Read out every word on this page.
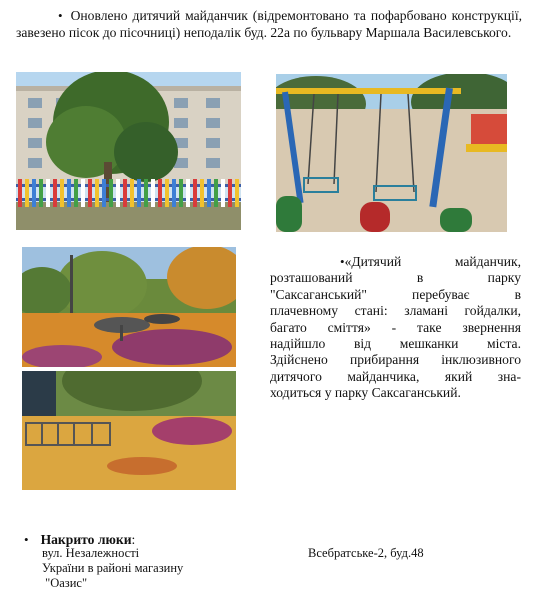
• Оновлено дитячий майданчик (відремонтовано та пофарбовано конструкції, завезено пісок до пісочниці) неподалік буд. 22а по бульвару Маршала Василевського.
•«Дитячий майданчик,
розташований в парку
"Саксаганський" перебуває в
плачевному стані: зламані гойдалки,
багато сміття» - таке звернення
надійшло від мешканки міста.
Здійснено прибирання інклюзивного
дитячого майданчика, який зна-
ходиться у парку Саксаганський.
• Накрито люки:
вул. Незалежності
України в районі магазину
"Оазис"
Всебратське-2, буд.48
